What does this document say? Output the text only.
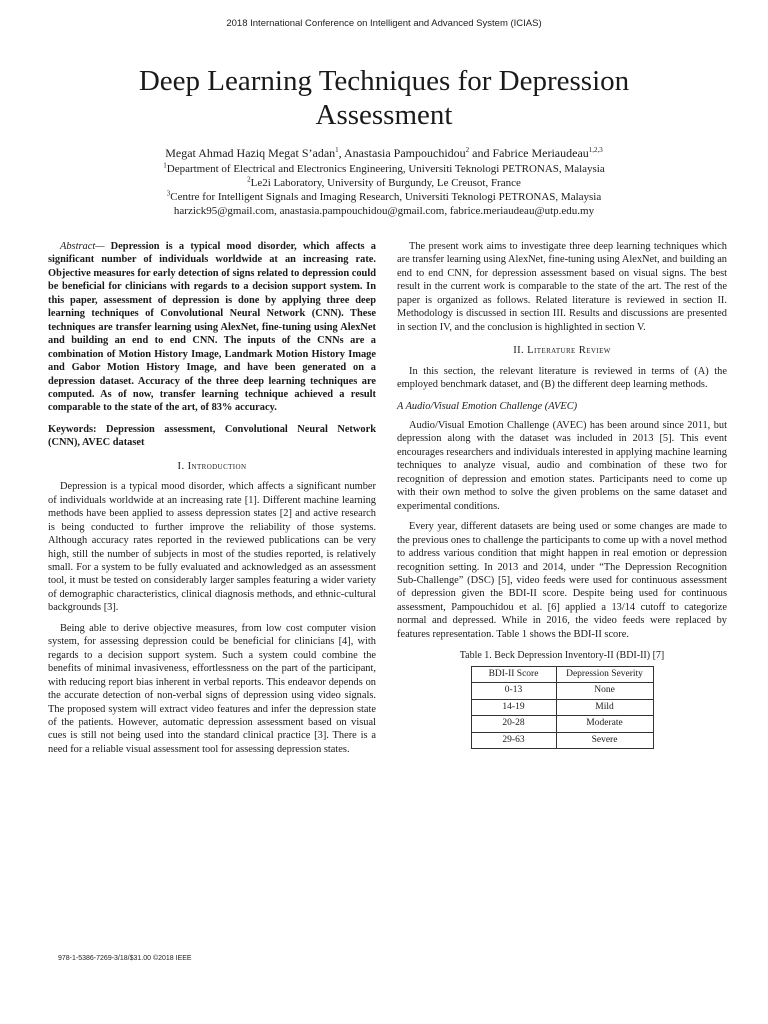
2018 International Conference on Intelligent and Advanced System (ICIAS)
Deep Learning Techniques for Depression Assessment
Megat Ahmad Haziq Megat S’adan$^1$, Anastasia Pampouchidou$^2$ and Fabrice Meriaudeau$^{1,2,3}$
$^1$Department of Electrical and Electronics Engineering, Universiti Teknologi PETRONAS, Malaysia
$^2$Le2i Laboratory, University of Burgundy, Le Creusot, France
$^3$Centre for Intelligent Signals and Imaging Research, Universiti Teknologi PETRONAS, Malaysia
harzick95@gmail.com, anastasia.pampouchidou@gmail.com, fabrice.meriaudeau@utp.edu.my

Abstract— Depression is a typical mood disorder, which affects a significant number of individuals worldwide at an increasing rate. Objective measures for early detection of signs related to depression could be beneficial for clinicians with regards to a decision support system. In this paper, assessment of depression is done by applying three deep learning techniques of Convolutional Neural Network (CNN). These techniques are transfer learning using AlexNet, fine-tuning using AlexNet and building an end to end CNN. The inputs of the CNNs are a combination of Motion History Image, Landmark Motion History Image and Gabor Motion History Image, and have been generated on a depression dataset. Accuracy of the three deep learning techniques are computed. As of now, transfer learning technique achieved a result comparable to the state of the art, of 83% accuracy.

Keywords: Depression assessment, Convolutional Neural Network (CNN), AVEC dataset
I. Introduction

Depression is a typical mood disorder, which affects a significant number of individuals worldwide at an increasing rate [1]. Different machine learning methods have been applied to assess depression states [2] and active research is being conducted to further improve the reliability of those systems. Although accuracy rates reported in the reviewed publications can be very high, still the number of subjects in most of the studies reported, is relatively small. For a system to be fully evaluated and acknowledged as an assessment tool, it must be tested on considerably larger samples featuring a wider variety of demographic characteristics, clinical diagnosis methods, and ethnic-cultural backgrounds [3].

Being able to derive objective measures, from low cost computer vision system, for assessing depression could be beneficial for clinicians [4], with regards to a decision support system. Such a system could combine the benefits of minimal invasiveness, effortlessness on the part of the participant, with reducing report bias inherent in verbal reports. This endeavor depends on the accurate detection of non-verbal signs of depression using video signals. The proposed system will extract video features and infer the depression state of the patients. However, automatic depression assessment based on visual cues is still not being used into the standard clinical practice [3]. There is a need for a reliable visual assessment tool for assessing depression states.

The present work aims to investigate three deep learning techniques which are transfer learning using AlexNet, fine-tuning using AlexNet, and building an end to end CNN, for depression assessment based on visual signs. The best result in the current work is comparable to the state of the art. The rest of the paper is organized as follows. Related literature is reviewed in section II. Methodology is discussed in section III. Results and discussions are presented in section IV, and the conclusion is highlighted in section V.

II. Literature Review

In this section, the relevant literature is reviewed in terms of (A) the employed benchmark dataset, and (B) the different deep learning methods.

A Audio/Visual Emotion Challenge (AVEC)

Audio/Visual Emotion Challenge (AVEC) has been around since 2011, but depression along with the dataset was included in 2013 [5]. This event encourages researchers and individuals interested in applying machine learning techniques to analyze visual, audio and combination of these two for recognition of depression and emotion states. Participants need to come up with their own method to solve the given problems on the same dataset and experimental conditions.

Every year, different datasets are being used or some changes are made to the previous ones to challenge the participants to come up with a novel method to address various condition that might happen in real emotion or depression recognition setting. In 2013 and 2014, under “The Depression Recognition Sub-Challenge” (DSC) [5], video feeds were used for continuous assessment of depression given the BDI-II score. Despite being used for continuous assessment, Pampouchidou et al. [6] applied a 13/14 cutoff to categorize normal and depressed. While in 2016, the video feeds were replaced by features representation. Table 1 shows the BDI-II score.

Table 1. Beck Depression Inventory-II (BDI-II) [7]
BDI-II Score	Depression Severity
0-13	None
14-19	Mild
20-28	Moderate
29-63	Severe
978-1-5386-7269-3/18/$31.00 ©2018 IEEE
